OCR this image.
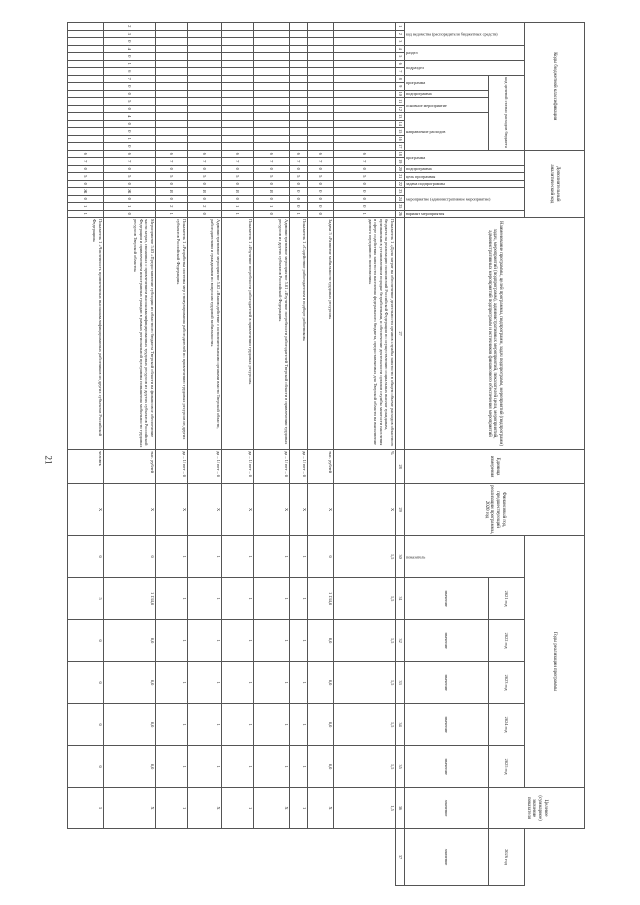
21
Коды бюджетной классификации																	Дополнительный аналитический код									Наименование программы, целей программы, подпрограмм, задач подпрограмм, мероприятий (подпрограмм) задач, мероприятий (подпрограмм), административных мероприятий, показателей цели, мероприятий, административных мероприятий подпрограмм и источников финансового обеспечения мероприятий	Единица измерения	Финансовый год, предшествующий реализации программы, 2020 год	Годы реализации программы						Целевое (суммарное) значение показателя	
код ведомства (распорядителя бюджетных средств)			раздел		подраздел		код целевой статьи расходов бюджета										программа		подпрограмма	цель программы	задача подпрограммы	мероприятие (административное мероприятие)			вариант мероприятия				показатель	2021 год	2022 год	2023 год	2024 год	2025 год		2026 год
							программа		подпрограмма	основное мероприятие		направление расходов																		значение	значение	значение	значение	значение	значение	значение
1	2	3	4	5	6	7	8	9	10	11	12	13	14	15	16	17	18	19	20	21	22	23	24	25	26	27	28	29	30	31	32	33	34	35	36	37
																	6	7	0	5	0	0	0	0	1	Показатель 1 «Доля затрат на обеспечение деятельности органов службы занятости в общем объеме расходов областного бюджета на реализацию полномочий Российской Федерации по осуществлению социальных выплат гражданам, признанным в установленном порядке безработными, и обеспечение деятельности органов службы занятости населения в сфере содействия занятости населения федерального бюджета, предоставляемых для Тверской области на выполнение данного переданного полномочия»	%	X	1,5	1,5	1,5	1,5	1,5	1,5	1,5	
																	6	7	0	5	0	0	0	0	0	Задача 5 «Развитие мобильности трудовых ресурсов»	тыс. рублей	X	0	1 134,0	0,0	0,0	0,0	0,0	X	
																	6	7	0	5	0	0	0	0	1	Показатель 1 «Содействие работодателям в подборе работников»	да – 1/ нет – 0	X	1	1	1	1	1	1	1	
																	6	7	0	5	0	Я	0	1	0	Административное мероприятие 5.01 «Изучение потребности работодателей Тверской области в привлечении трудовых ресурсов из других субъектов Российской Федерации»	да – 1/ нет – 0	X	1	1	1	1	1	1	X	
																	6	7	0	5	0	Я	0	1	1	Показатель 1 «Изучение потребности работодателей в привлечении трудовых ресурсов»	да – 1/ нет – 0	X	1	1	1	1	1	1	1	
																	6	7	0	5	0	Я	0	2	0	Административное мероприятие 5.02 «Взаимодействие с исполнительными органами власти Тверской области, работодателями и гражданами по вопросам трудовой мобильности»	да – 1/ нет – 0	X	1	1	1	1	1	1	X	
																	6	7	0	5	0	Я	0	2	1	Показатель 1 «Разработка системы мер стимулирования работодателей по привлечению трудовых ресурсов из других субъектов Российской Федерации»	да – 1/ нет – 0	X	1	1	1	1	1	1	1	
2	3	0	4	0	1	6	7	0	0	5	0	4	0	0	1	0	6	7	0	5	0	Ж	0	1	0	Мероприятие 5.03 «Предоставление субсидии из областного бюджета Тверской области на финансовое обеспечение части затрат, связанных с привлечением высококвалифицированных трудовых ресурсов из других субъектов Российской Федерации и привлечением иностранных граждан в рамках региональной программы повышения мобильности трудовых ресурсов Тверской области»	тыс. рублей	X	0	1 134,0	0,0	0,0	0,0	0,0	X	
																	6	7	0	5	0	Ж	0	1	1	Показатель 1 «Численность привлеченных высококвалифицированных работников из других субъектов Российской Федерации»	человек	X	0	5	0	0	0	0	5	
